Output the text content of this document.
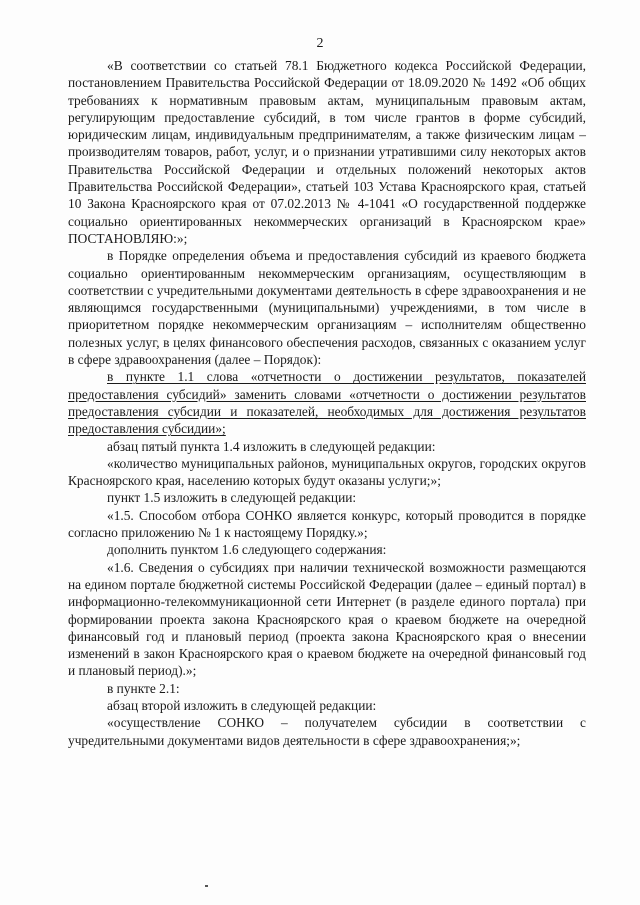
2

«В соответствии со статьей 78.1 Бюджетного кодекса Российской Федерации, постановлением Правительства Российской Федерации от 18.09.2020 № 1492 «Об общих требованиях к нормативным правовым актам, муниципальным правовым актам, регулирующим предоставление субсидий, в том числе грантов в форме субсидий, юридическим лицам, индивидуальным предпринимателям, а также физическим лицам – производителям товаров, работ, услуг, и о признании утратившими силу некоторых актов Правительства Российской Федерации и отдельных положений некоторых актов Правительства Российской Федерации», статьей 103 Устава Красноярского края, статьей 10 Закона Красноярского края от 07.02.2013 № 4-1041 «О государственной поддержке социально ориентированных некоммерческих организаций в Красноярском крае» ПОСТАНОВЛЯЮ:»;

в Порядке определения объема и предоставления субсидий из краевого бюджета социально ориентированным некоммерческим организациям, осуществляющим в соответствии с учредительными документами деятельность в сфере здравоохранения и не являющимся государственными (муниципальными) учреждениями, в том числе в приоритетном порядке некоммерческим организациям – исполнителям общественно полезных услуг, в целях финансового обеспечения расходов, связанных с оказанием услуг в сфере здравоохранения (далее – Порядок):

в пункте 1.1 слова «отчетности о достижении результатов, показателей предоставления субсидий» заменить словами «отчетности о достижении результатов предоставления субсидии и показателей, необходимых для достижения результатов предоставления субсидии»;

абзац пятый пункта 1.4 изложить в следующей редакции:

«количество муниципальных районов, муниципальных округов, городских округов Красноярского края, населению которых будут оказаны услуги;»;

пункт 1.5 изложить в следующей редакции:

«1.5. Способом отбора СОНКО является конкурс, который проводится в порядке согласно приложению № 1 к настоящему Порядку.»;

дополнить пунктом 1.6 следующего содержания:

«1.6. Сведения о субсидиях при наличии технической возможности размещаются на едином портале бюджетной системы Российской Федерации (далее – единый портал) в информационно-телекоммуникационной сети Интернет (в разделе единого портала) при формировании проекта закона Красноярского края о краевом бюджете на очередной финансовый год и плановый период (проекта закона Красноярского края о внесении изменений в закон Красноярского края о краевом бюджете на очередной финансовый год и плановый период).»;

в пункте 2.1:

абзац второй изложить в следующей редакции:

«осуществление СОНКО – получателем субсидии в соответствии с учредительными документами видов деятельности в сфере здравоохранения;»;
